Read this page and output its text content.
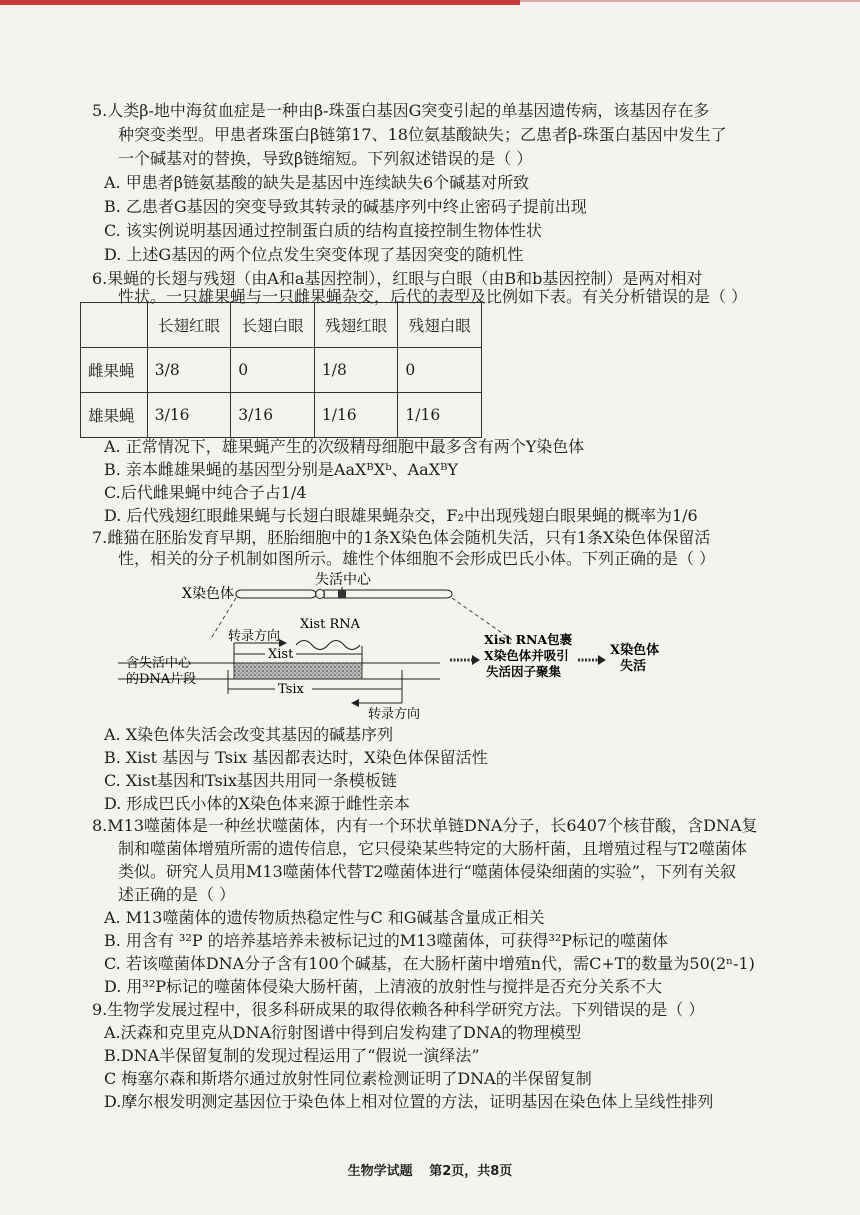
5.人类β-地中海贫血症是一种由β-珠蛋白基因G突变引起的单基因遗传病，该基因存在多
种突变类型。甲患者珠蛋白β链第17、18位氨基酸缺失；乙患者β-珠蛋白基因中发生了
一个碱基对的替换，导致β链缩短。下列叙述错误的是（ ）
A. 甲患者β链氨基酸的缺失是基因中连续缺失6个碱基对所致
B. 乙患者G基因的突变导致其转录的碱基序列中终止密码子提前出现
C. 该实例说明基因通过控制蛋白质的结构直接控制生物体性状
D. 上述G基因的两个位点发生突变体现了基因突变的随机性
6.果蝇的长翅与残翅（由A和a基因控制），红眼与白眼（由B和b基因控制）是两对相对
性状。一只雄果蝇与一只雌果蝇杂交，后代的表型及比例如下表。有关分析错误的是（ ）
	长翅红眼	长翅白眼	残翅红眼	残翅白眼
雌果蝇	3/8	0	1/8	0
雄果蝇	3/16	3/16	1/16	1/16
A. 正常情况下，雄果蝇产生的次级精母细胞中最多含有两个Y染色体
B. 亲本雌雄果蝇的基因型分别是AaXᴮXᵇ、AaXᴮY
C.后代雌果蝇中纯合子占1/4
D. 后代残翅红眼雌果蝇与长翅白眼雄果蝇杂交，F₂中出现残翅白眼果蝇的概率为1/6
7.雌猫在胚胎发育早期，胚胎细胞中的1条X染色体会随机失活，只有1条X染色体保留活
性，相关的分子机制如图所示。雄性个体细胞不会形成巴氏小体。下列正确的是（ ）
X染色体
失活中心
转录方向
Xist RNA
Xist
含失活中心
的DNA片段
Tsix
转录方向
Xist RNA包裹
X染色体并吸引
失活因子聚集
X染色体
失活
A. X染色体失活会改变其基因的碱基序列
B. Xist 基因与 Tsix 基因都表达时，X染色体保留活性
C. Xist基因和Tsix基因共用同一条模板链
D. 形成巴氏小体的X染色体来源于雌性亲本
8.M13噬菌体是一种丝状噬菌体，内有一个环状单链DNA分子，长6407个核苷酸，含DNA复
制和噬菌体增殖所需的遗传信息，它只侵染某些特定的大肠杆菌，且增殖过程与T2噬菌体
类似。研究人员用M13噬菌体代替T2噬菌体进行“噬菌体侵染细菌的实验”，下列有关叙
述正确的是（ ）
A. M13噬菌体的遗传物质热稳定性与C 和G碱基含量成正相关
B. 用含有 ³²P 的培养基培养未被标记过的M13噬菌体，可获得³²P标记的噬菌体
C. 若该噬菌体DNA分子含有100个碱基，在大肠杆菌中增殖n代，需C+T的数量为50(2ⁿ-1)
D. 用³²P标记的噬菌体侵染大肠杆菌，上清液的放射性与搅拌是否充分关系不大
9.生物学发展过程中，很多科研成果的取得依赖各种科学研究方法。下列错误的是（ ）
A.沃森和克里克从DNA衍射图谱中得到启发构建了DNA的物理模型
B.DNA半保留复制的发现过程运用了“假说一演绎法”
C 梅塞尔森和斯塔尔通过放射性同位素检测证明了DNA的半保留复制
D.摩尔根发明测定基因位于染色体上相对位置的方法，证明基因在染色体上呈线性排列
生物学试题 第2页，共8页
